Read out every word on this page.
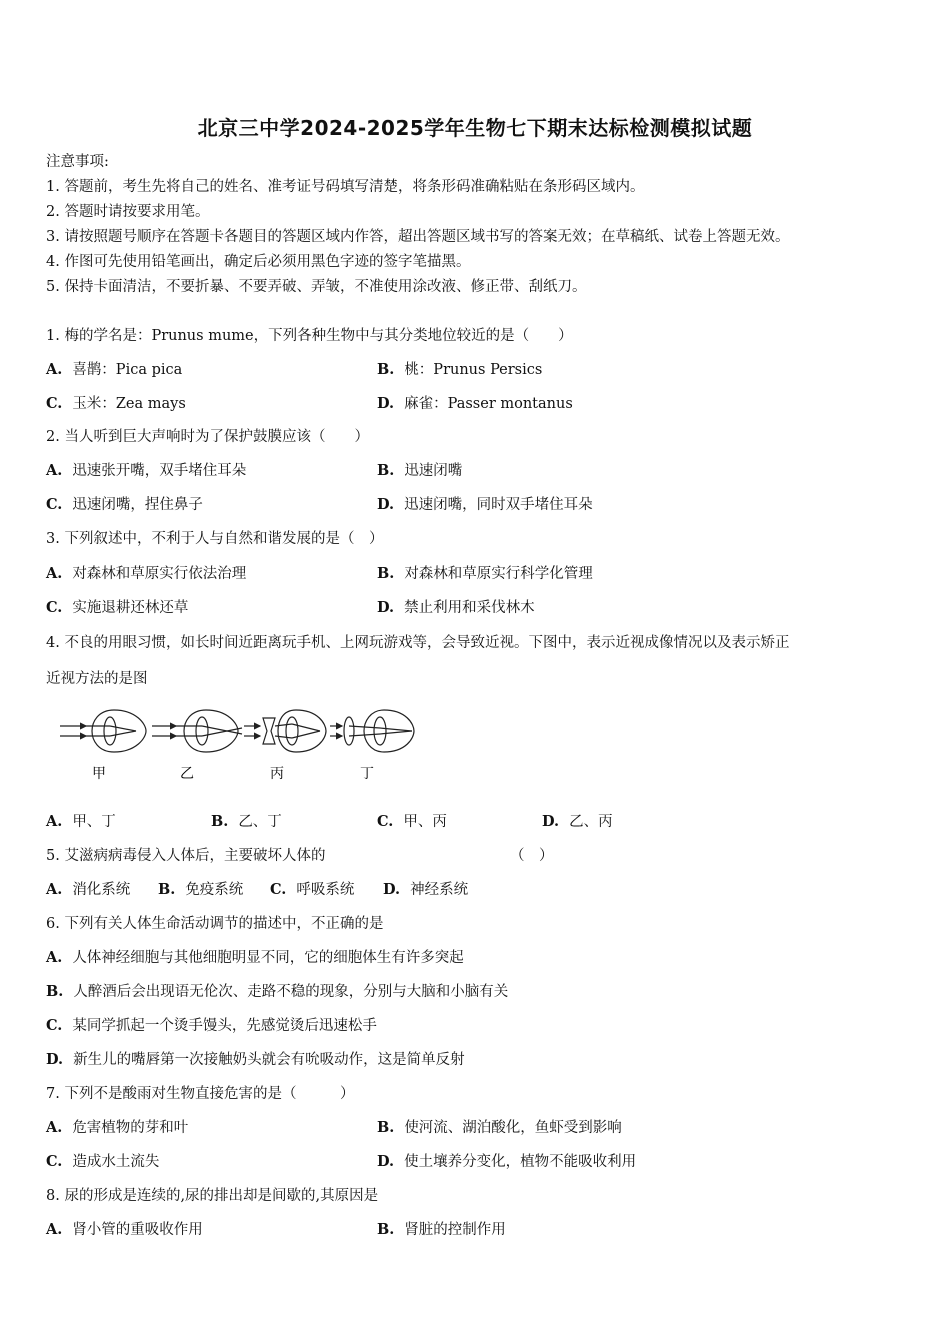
北京三中学2024-2025学年生物七下期末达标检测模拟试题
注意事项:
1. 答题前，考生先将自己的姓名、准考证号码填写清楚，将条形码准确粘贴在条形码区域内。
2. 答题时请按要求用笔。
3. 请按照题号顺序在答题卡各题目的答题区域内作答，超出答题区域书写的答案无效；在草稿纸、试卷上答题无效。
4. 作图可先使用铅笔画出，确定后必须用黑色字迹的签字笔描黑。
5. 保持卡面清洁，不要折暴、不要弄破、弄皱，不准使用涂改液、修正带、刮纸刀。
1. 梅的学名是：Prunus mume，下列各种生物中与其分类地位较近的是（　　）
A. 喜鹊：Pica pica	B. 桃：Prunus Persics
C. 玉米：Zea mays	D. 麻雀：Passer montanus
2. 当人听到巨大声响时为了保护鼓膜应该（　　）
A. 迅速张开嘴，双手堵住耳朵	B. 迅速闭嘴
C. 迅速闭嘴，捏住鼻子	D. 迅速闭嘴，同时双手堵住耳朵
3. 下列叙述中，不利于人与自然和谐发展的是（　）
A. 对森林和草原实行依法治理	B. 对森林和草原实行科学化管理
C. 实施退耕还林还草	D. 禁止利用和采伐林木
4. 不良的用眼习惯，如长时间近距离玩手机、上网玩游戏等，会导致近视。下图中，表示近视成像情况以及表示矫正
近视方法的是图
甲	乙	丙	丁
A. 甲、丁	B. 乙、丁	C. 甲、丙	D. 乙、丙
5. 艾滋病病毒侵入人体后，主要破坏人体的	（　）
A. 消化系统 B. 免疫系统 C. 呼吸系统 D. 神经系统
6. 下列有关人体生命活动调节的描述中，不正确的是
A. 人体神经细胞与其他细胞明显不同，它的细胞体生有许多突起
B. 人醉酒后会出现语无伦次、走路不稳的现象，分别与大脑和小脑有关
C. 某同学抓起一个烫手馒头，先感觉烫后迅速松手
D. 新生儿的嘴唇第一次接触奶头就会有吮吸动作，这是简单反射
7. 下列不是酸雨对生物直接危害的是（　　　）
A. 危害植物的芽和叶	B. 使河流、湖泊酸化，鱼虾受到影响
C. 造成水土流失	D. 使土壤养分变化，植物不能吸收利用
8. 尿的形成是连续的,尿的排出却是间歇的,其原因是
A. 肾小管的重吸收作用	B. 肾脏的控制作用
